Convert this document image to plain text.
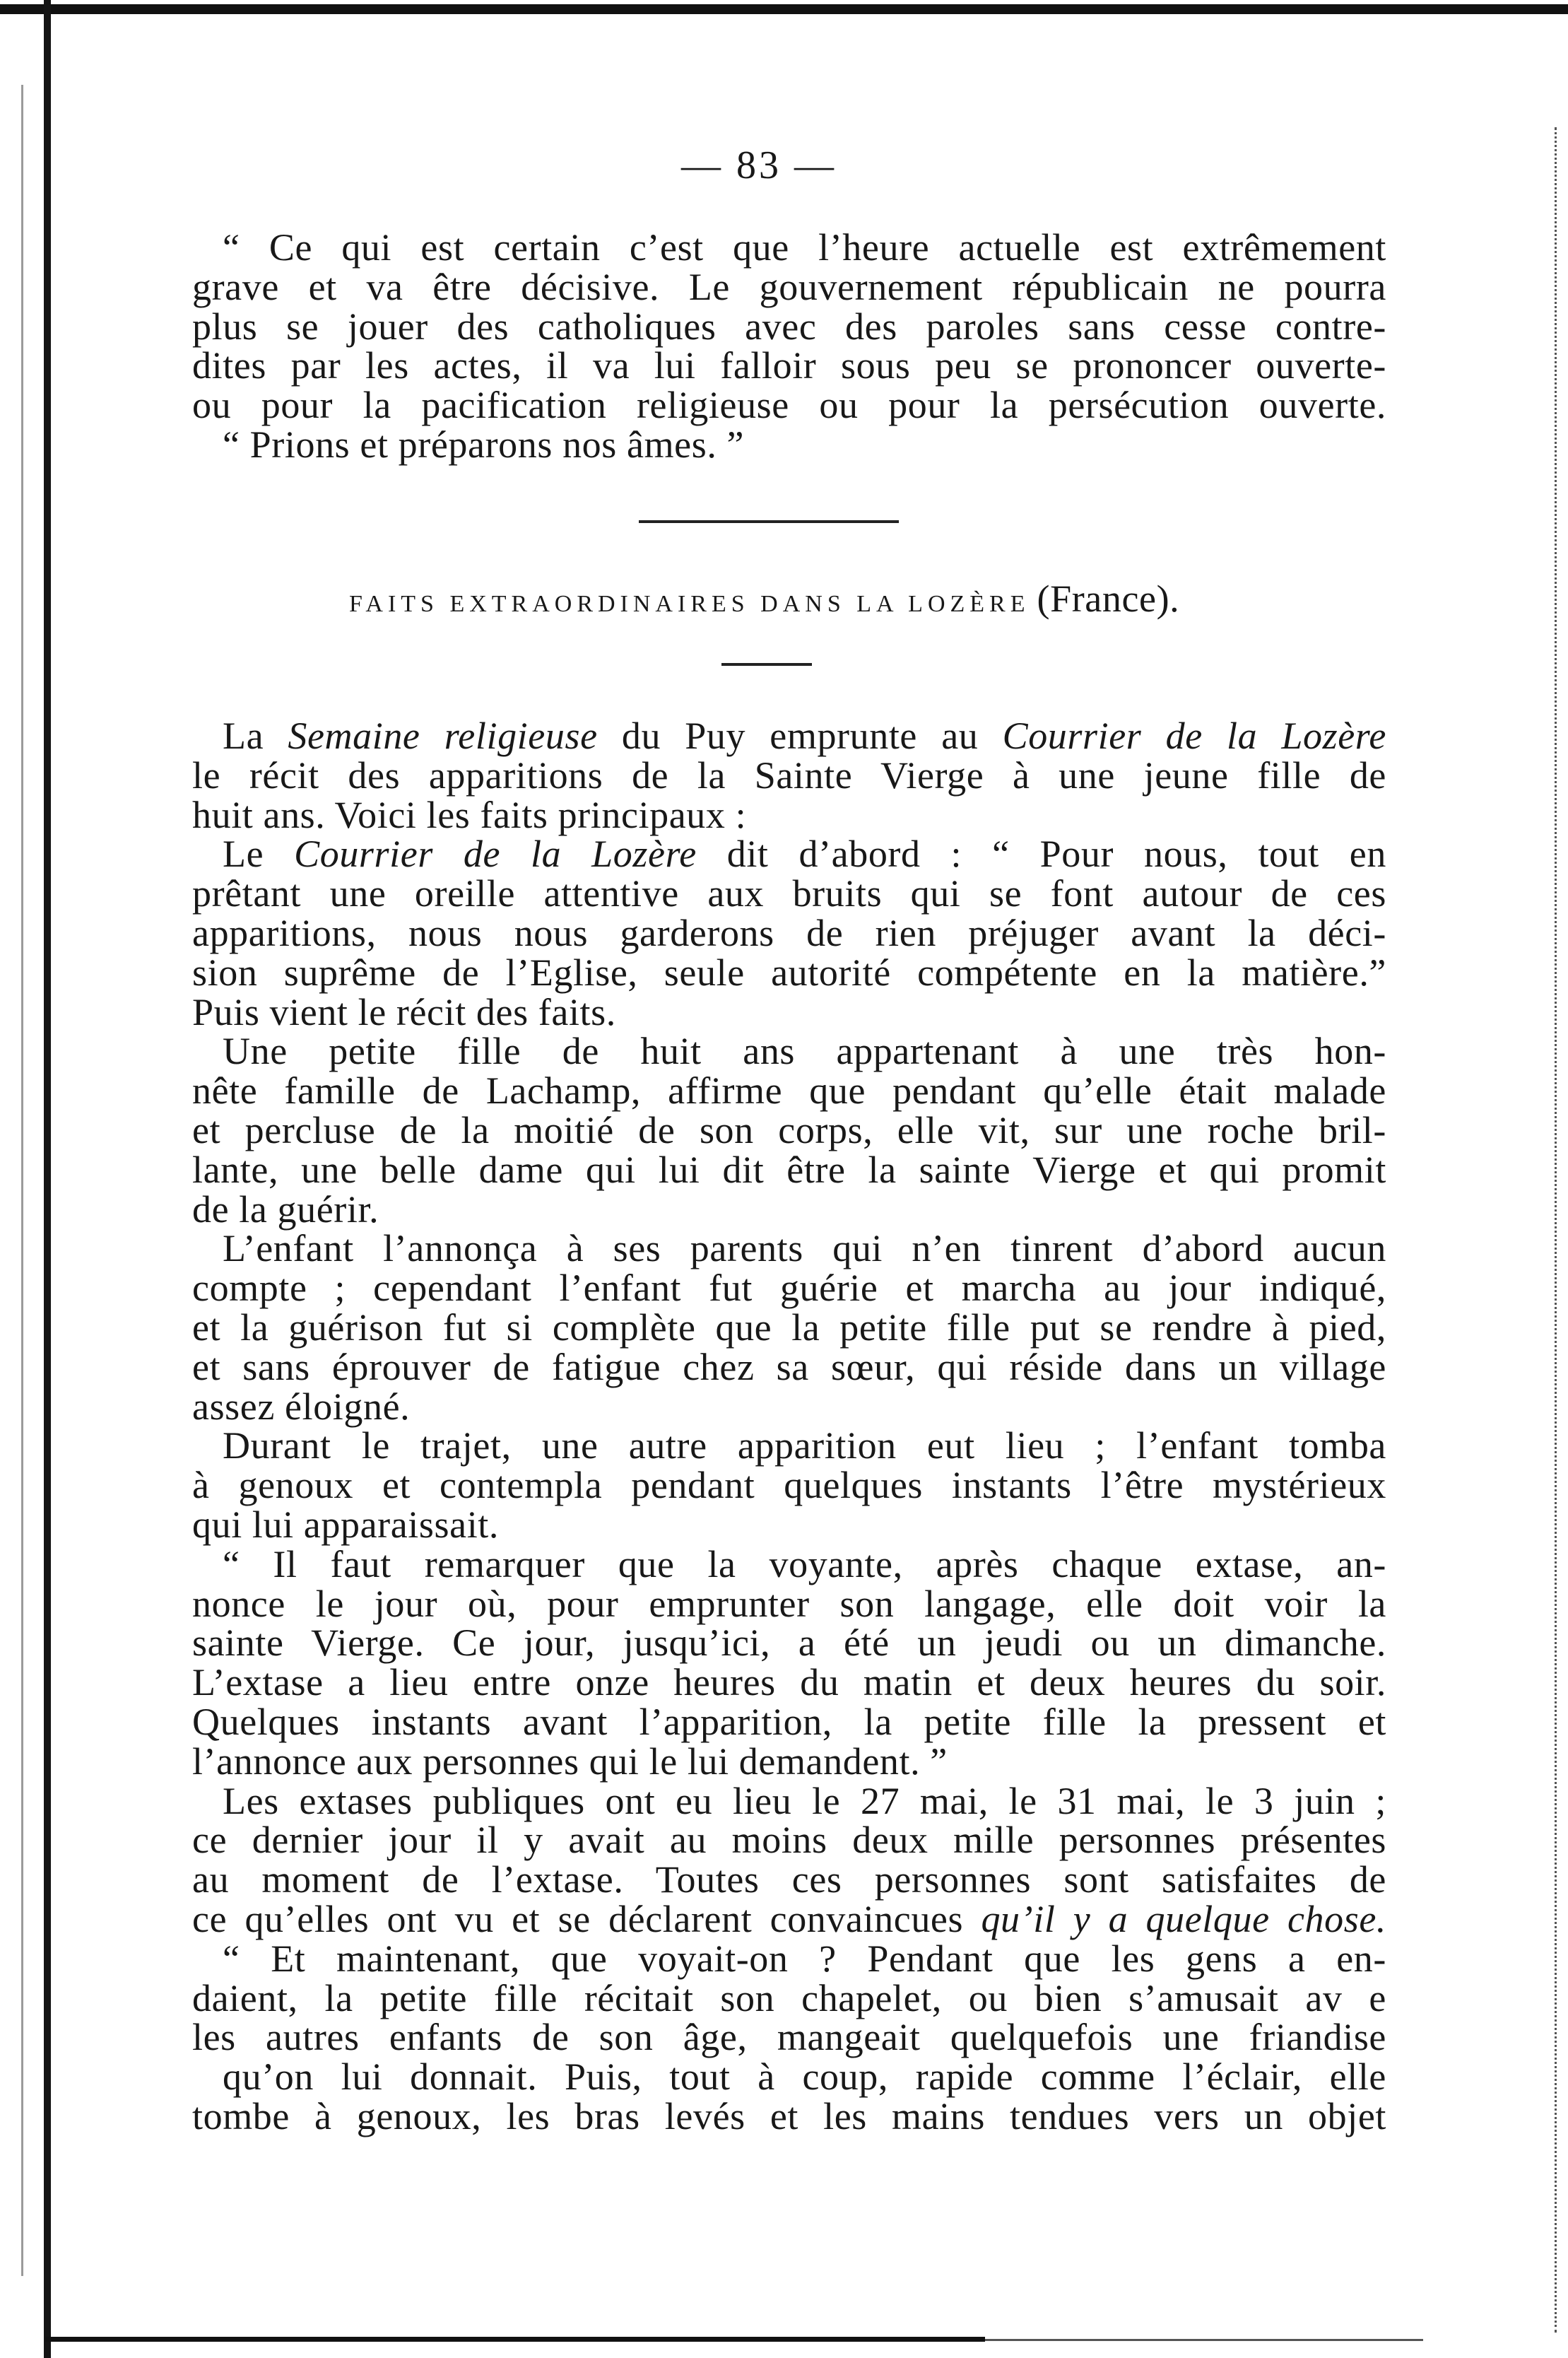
— 83 —
“ Ce qui est certain c’est que l’heure actuelle est extrêmement
grave et va être décisive. Le gouvernement républicain ne pourra
plus se jouer des catholiques avec des paroles sans cesse contre-
dites par les actes, il va lui falloir sous peu se prononcer ouverte-
ou pour la pacification religieuse ou pour la persécution ouverte.
“ Prions et préparons nos âmes. ”
FAITS EXTRAORDINAIRES DANS LA LOZÈRE (France).
La Semaine religieuse du Puy emprunte au Courrier de la Lozère
le récit des apparitions de la Sainte Vierge à une jeune fille de
huit ans. Voici les faits principaux :
Le Courrier de la Lozère dit d’abord : “ Pour nous, tout en
prêtant une oreille attentive aux bruits qui se font autour de ces
apparitions, nous nous garderons de rien préjuger avant la déci-
sion suprême de l’Eglise, seule autorité compétente en la matière.”
Puis vient le récit des faits.
Une petite fille de huit ans appartenant à une très hon-
nête famille de Lachamp, affirme que pendant qu’elle était malade
et percluse de la moitié de son corps, elle vit, sur une roche bril-
lante, une belle dame qui lui dit être la sainte Vierge et qui promit
de la guérir.
L’enfant l’annonça à ses parents qui n’en tinrent d’abord aucun
compte ; cependant l’enfant fut guérie et marcha au jour indiqué,
et la guérison fut si complète que la petite fille put se rendre à pied,
et sans éprouver de fatigue chez sa sœur, qui réside dans un village
assez éloigné.
Durant le trajet, une autre apparition eut lieu ; l’enfant tomba
à genoux et contempla pendant quelques instants l’être mystérieux
qui lui apparaissait.
“ Il faut remarquer que la voyante, après chaque extase, an-
nonce le jour où, pour emprunter son langage, elle doit voir la
sainte Vierge. Ce jour, jusqu’ici, a été un jeudi ou un dimanche.
L’extase a lieu entre onze heures du matin et deux heures du soir.
Quelques instants avant l’apparition, la petite fille la pressent et
l’annonce aux personnes qui le lui demandent. ”
Les extases publiques ont eu lieu le 27 mai, le 31 mai, le 3 juin ;
ce dernier jour il y avait au moins deux mille personnes présentes
au moment de l’extase. Toutes ces personnes sont satisfaites de
ce qu’elles ont vu et se déclarent convaincues qu’il y a quelque chose.
“ Et maintenant, que voyait-on ? Pendant que les gens a en-
daient, la petite fille récitait son chapelet, ou bien s’amusait av e
les autres enfants de son âge, mangeait quelquefois une friandise
qu’on lui donnait. Puis, tout à coup, rapide comme l’éclair, elle
tombe à genoux, les bras levés et les mains tendues vers un objet
